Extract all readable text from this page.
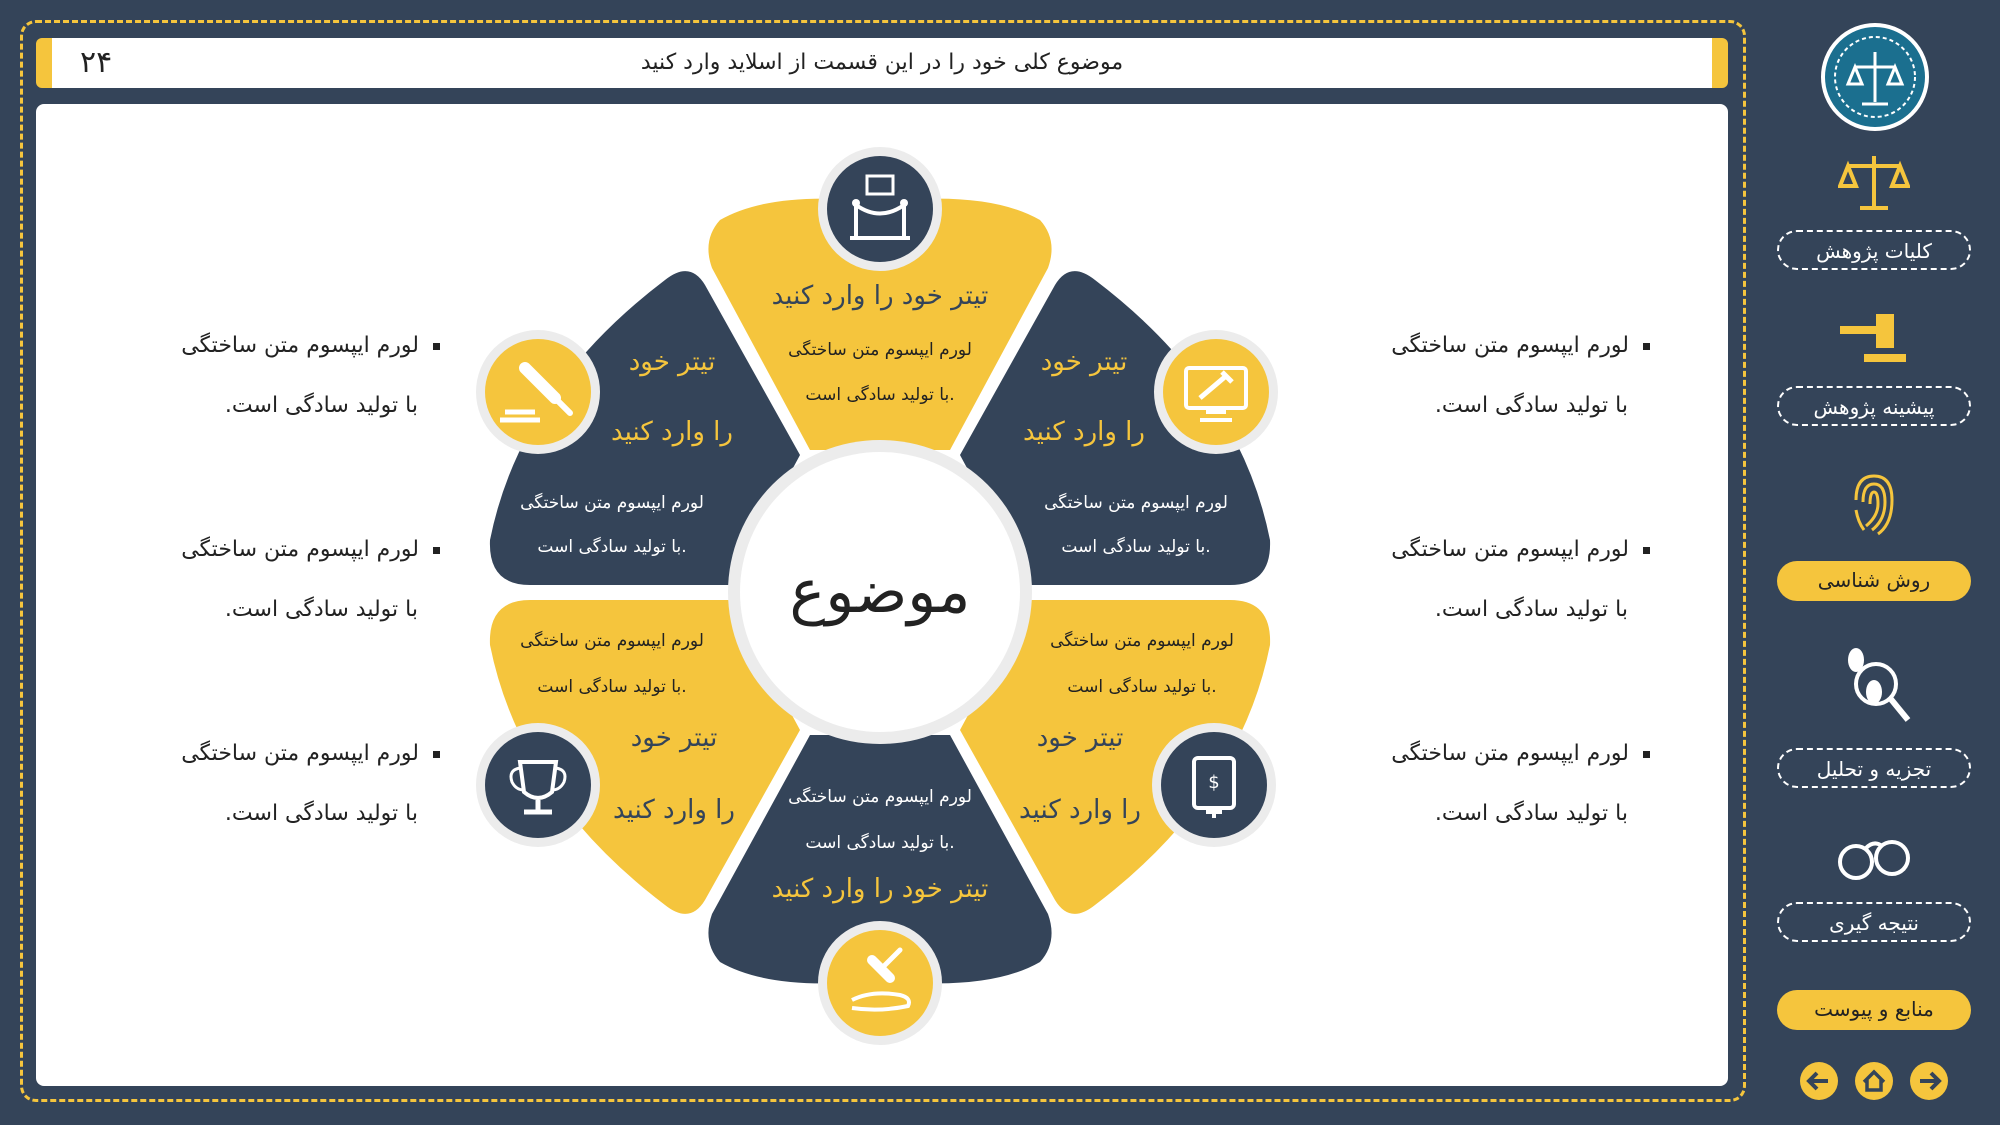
موضوع کلی خود را در این قسمت از اسلاید وارد کنید
۲۴
لورم ایپسوم متن ساختگی
با تولید سادگی است.
لورم ایپسوم متن ساختگی
با تولید سادگی است.
لورم ایپسوم متن ساختگی
با تولید سادگی است.
لورم ایپسوم متن ساختگی
با تولید سادگی است.
لورم ایپسوم متن ساختگی
با تولید سادگی است.
لورم ایپسوم متن ساختگی
با تولید سادگی است.
موضوع
$
تیتر خود را وارد کنید
لورم ایپسوم متن ساختگی
با تولید سادگی است.
تیتر خود
را وارد کنید
لورم ایپسوم متن ساختگی
با تولید سادگی است.
تیتر خود
را وارد کنید
لورم ایپسوم متن ساختگی
با تولید سادگی است.
لورم ایپسوم متن ساختگی
با تولید سادگی است.
تیتر خود
را وارد کنید
لورم ایپسوم متن ساختگی
با تولید سادگی است.
تیتر خود
را وارد کنید	لورم ایپسوم متن ساختگی
با تولید سادگی است.
تیتر خود را وارد کنید
کلیات پژوهش
پیشینه پژوهش
روش شناسی
تجزیه و تحلیل
نتیجه گیری
منابع و پیوست
